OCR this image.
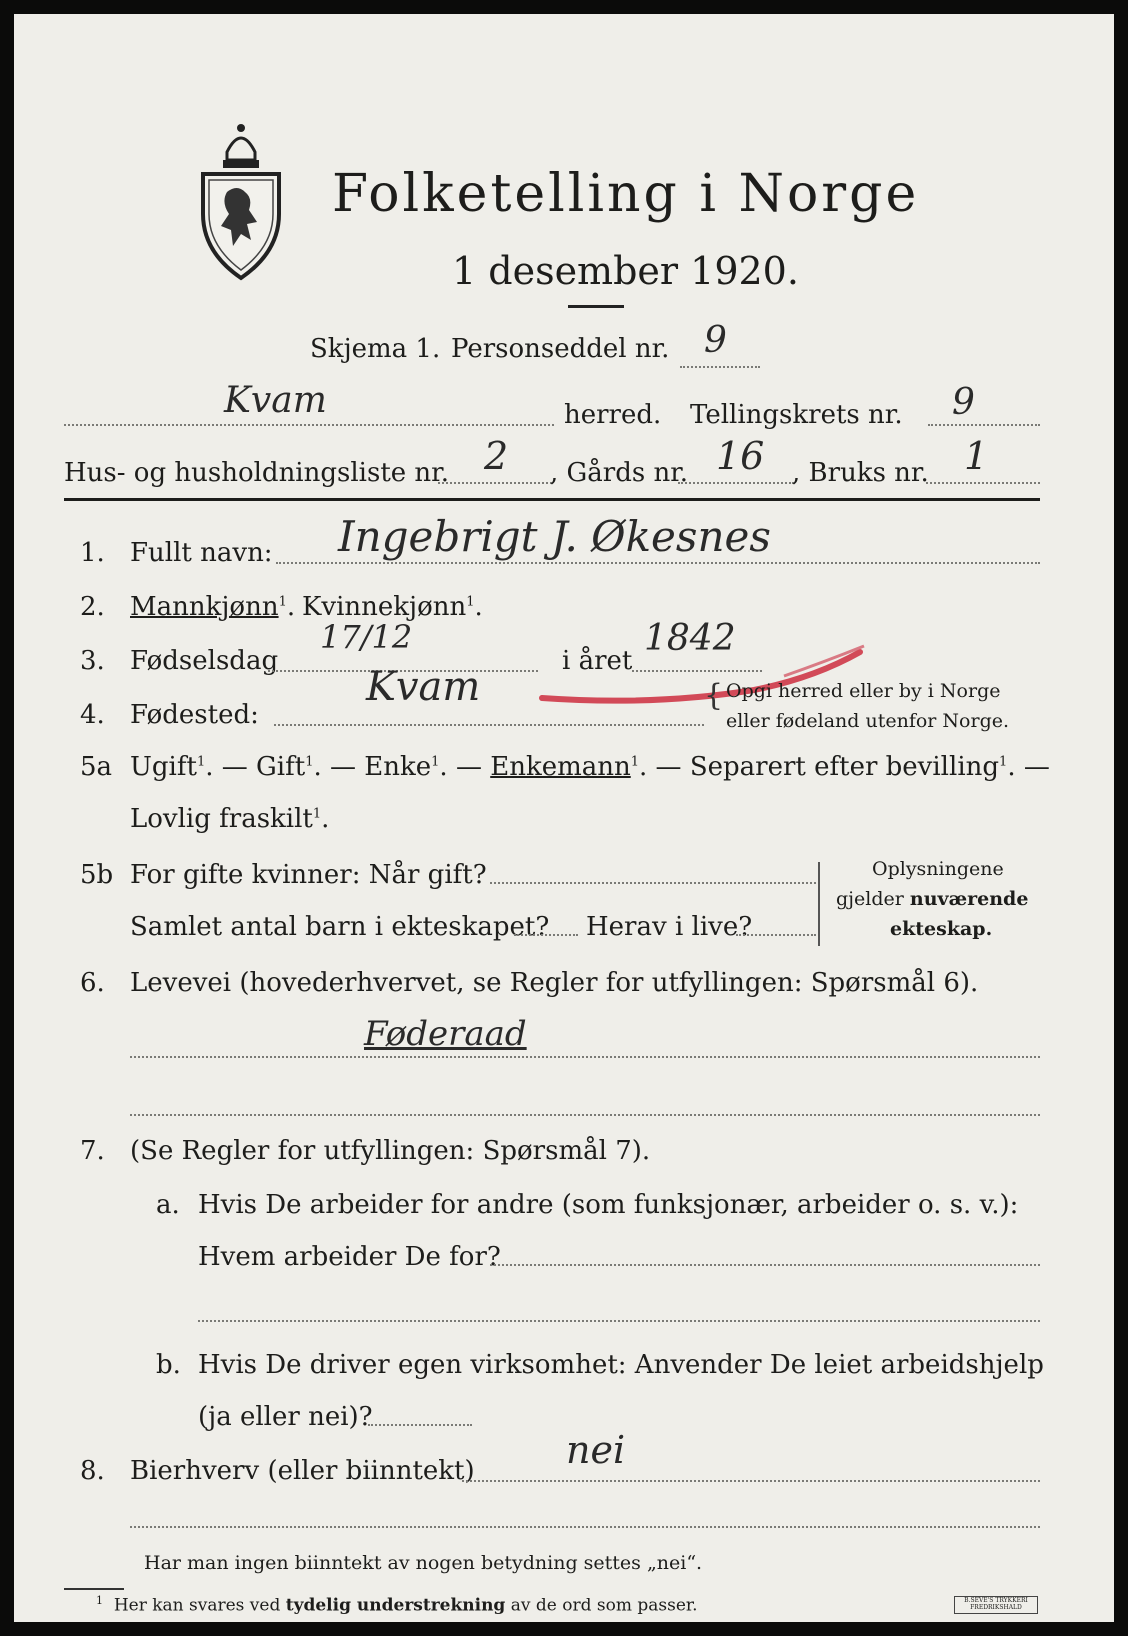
Folketelling i Norge
1 desember 1920.
Skjema 1. Personseddel nr. 9
Kvam	herred. Tellingskrets nr. 9
Hus- og husholdningsliste nr. 2 , Gårds nr. 16 , Bruks nr. 1
1. Fullt navn: Ingebrigt J. Økesnes
2. Mannkjønn$^1$. Kvinnekjønn$^1$.
3. Fødselsdag
17/12
i året
1842
4. Fødested:
Kvam	{ Opgi herred eller by i Norge
eller fødeland utenfor Norge.
5a Ugift$^1$. — Gift$^1$. — Enke$^1$. — Enkemann$^1$. — Separert efter bevilling$^1$. —
Lovlig fraskilt$^1$.
5b For gifte kvinner: Når gift?
Samlet antal barn i ekteskapet? Herav i live?
Oplysningene
gjelder nuværende
ekteskap.
6. Levevei (hovederhvervet, se Regler for utfyllingen: Spørsmål 6).
Føderaad
7. (Se Regler for utfyllingen: Spørsmål 7).
a. Hvis De arbeider for andre (som funksjonær, arbeider o. s. v.):
Hvem arbeider De for?
b. Hvis De driver egen virksomhet: Anvender De leiet arbeidshjelp
(ja eller nei)?
8. Bierhverv (eller biinntekt) nei
Har man ingen biinntekt av nogen betydning settes „nei“.
$^1$ Her kan svares ved tydelig understrekning av de ord som passer.	B.SEVE'S TRYKKERI FREDRIKSHALD
